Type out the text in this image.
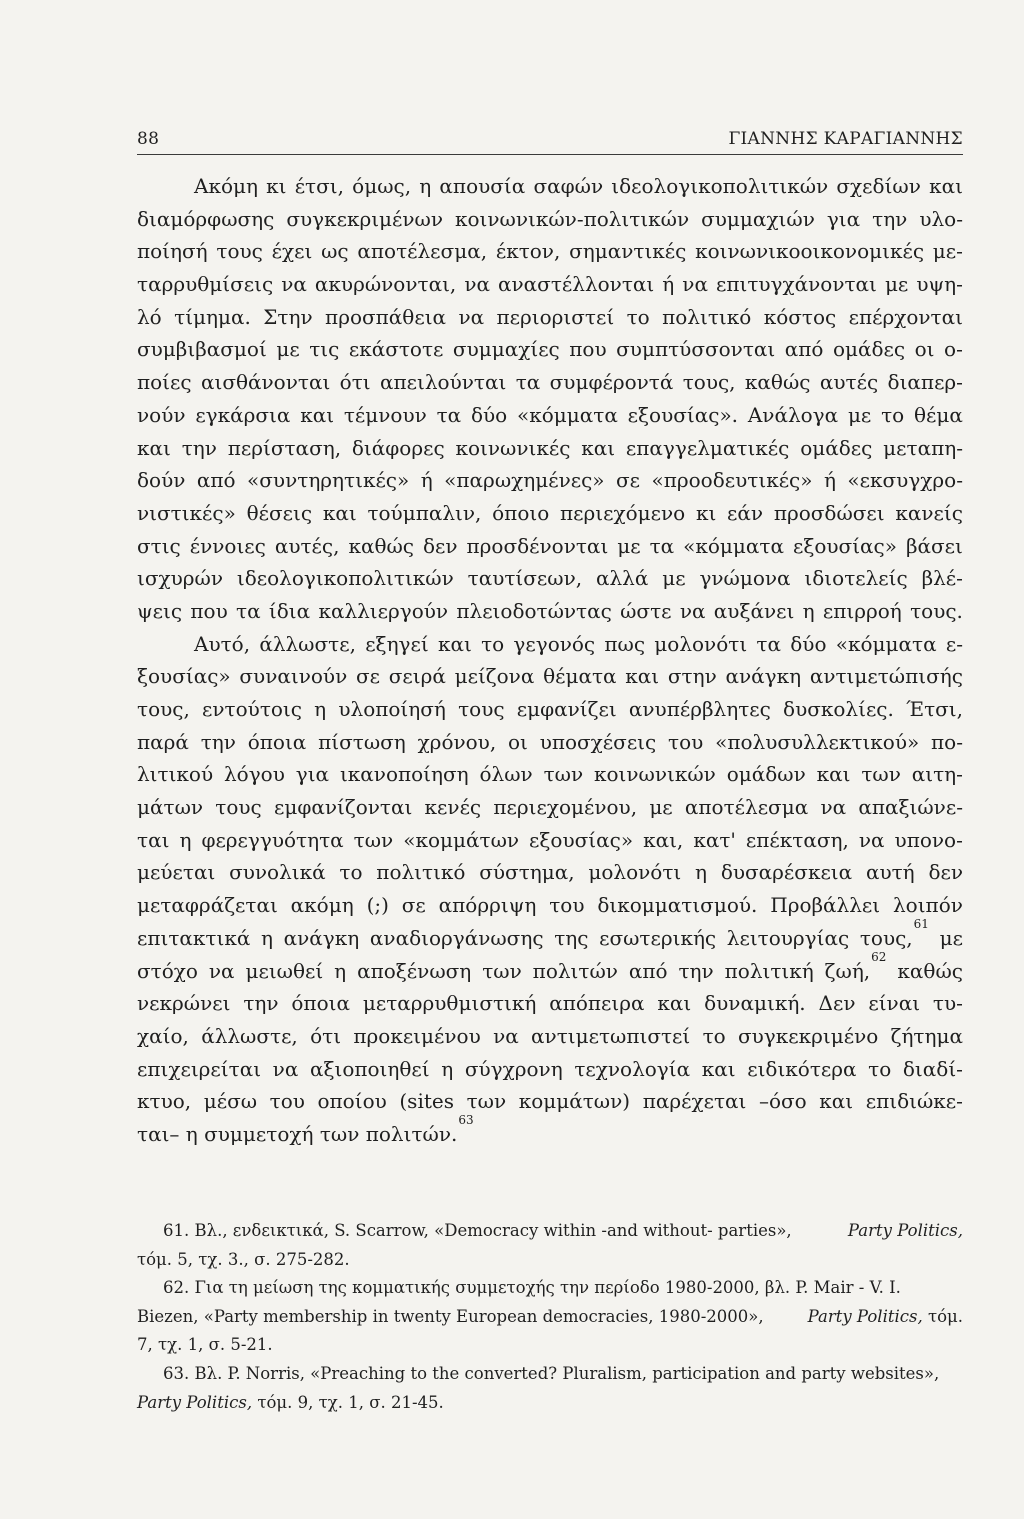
88	ΓΙΑΝΝΗΣ ΚΑΡΑΓΙΑΝΝΗΣ
Ακόμη κι έτσι, όμως, η απουσία σαφών ιδεολογικοπολιτικών σχεδίων και
διαμόρφωσης συγκεκριμένων κοινωνικών-πολιτικών συμμαχιών για την υλο-
ποίησή τους έχει ως αποτέλεσμα, έκτον, σημαντικές κοινωνικοοικονομικές με-
ταρρυθμίσεις να ακυρώνονται, να αναστέλλονται ή να επιτυγχάνονται με υψη-
λό τίμημα. Στην προσπάθεια να περιοριστεί το πολιτικό κόστος επέρχονται
συμβιβασμοί με τις εκάστοτε συμμαχίες που συμπτύσσονται από ομάδες οι ο-
ποίες αισθάνονται ότι απειλούνται τα συμφέροντά τους, καθώς αυτές διαπερ-
νούν εγκάρσια και τέμνουν τα δύο «κόμματα εξουσίας». Ανάλογα με το θέμα
και την περίσταση, διάφορες κοινωνικές και επαγγελματικές ομάδες μεταπη-
δούν από «συντηρητικές» ή «παρωχημένες» σε «προοδευτικές» ή «εκσυγχρο-
νιστικές» θέσεις και τούμπαλιν, όποιο περιεχόμενο κι εάν προσδώσει κανείς
στις έννοιες αυτές, καθώς δεν προσδένονται με τα «κόμματα εξουσίας» βάσει
ισχυρών ιδεολογικοπολιτικών ταυτίσεων, αλλά με γνώμονα ιδιοτελείς βλέ-
ψεις που τα ίδια καλλιεργούν πλειοδοτώντας ώστε να αυξάνει η επιρροή τους.
Αυτό, άλλωστε, εξηγεί και το γεγονός πως μολονότι τα δύο «κόμματα ε-
ξουσίας» συναινούν σε σειρά μείζονα θέματα και στην ανάγκη αντιμετώπισής
τους, εντούτοις η υλοποίησή τους εμφανίζει ανυπέρβλητες δυσκολίες. Έτσι,
παρά την όποια πίστωση χρόνου, οι υποσχέσεις του «πολυσυλλεκτικού» πο-
λιτικού λόγου για ικανοποίηση όλων των κοινωνικών ομάδων και των αιτη-
μάτων τους εμφανίζονται κενές περιεχομένου, με αποτέλεσμα να απαξιώνε-
ται η φερεγγυότητα των «κομμάτων εξουσίας» και, κατ' επέκταση, να υπονο-
μεύεται συνολικά το πολιτικό σύστημα, μολονότι η δυσαρέσκεια αυτή δεν
μεταφράζεται ακόμη (;) σε απόρριψη του δικομματισμού. Προβάλλει λοιπόν
επιτακτικά η ανάγκη αναδιοργάνωσης της εσωτερικής λειτουργίας τους,$^{61}$
με
στόχο να μειωθεί η αποξένωση των πολιτών από την πολιτική ζωή,$^{62}$
καθώς
νεκρώνει την όποια μεταρρυθμιστική απόπειρα και δυναμική. Δεν είναι τυ-
χαίο, άλλωστε, ότι προκειμένου να αντιμετωπιστεί το συγκεκριμένο ζήτημα
επιχειρείται να αξιοποιηθεί η σύγχρονη τεχνολογία και ειδικότερα το διαδί-
κτυο, μέσω του οποίου (sites των κομμάτων) παρέχεται –όσο και επιδιώκε-
ται– η συμμετοχή των πολιτών.$^{63}$
61. Βλ., ενδεικτικά, S. Scarrow, «Democracy within -and without- parties»,	Party Politics,
τόμ. 5, τχ. 3., σ. 275-282.
62. Για τη μείωση της κομματικής συμμετοχής την περίοδο 1980-2000, βλ. P. Mair - V. I.
Biezen, «Party membership in twenty European democracies, 1980-2000»,	Party Politics, τόμ.
7, τχ. 1, σ. 5-21.
63. Βλ. P. Norris, «Preaching to the converted? Pluralism, participation and party websites»,
Party Politics,
τόμ. 9, τχ. 1, σ. 21-45.
